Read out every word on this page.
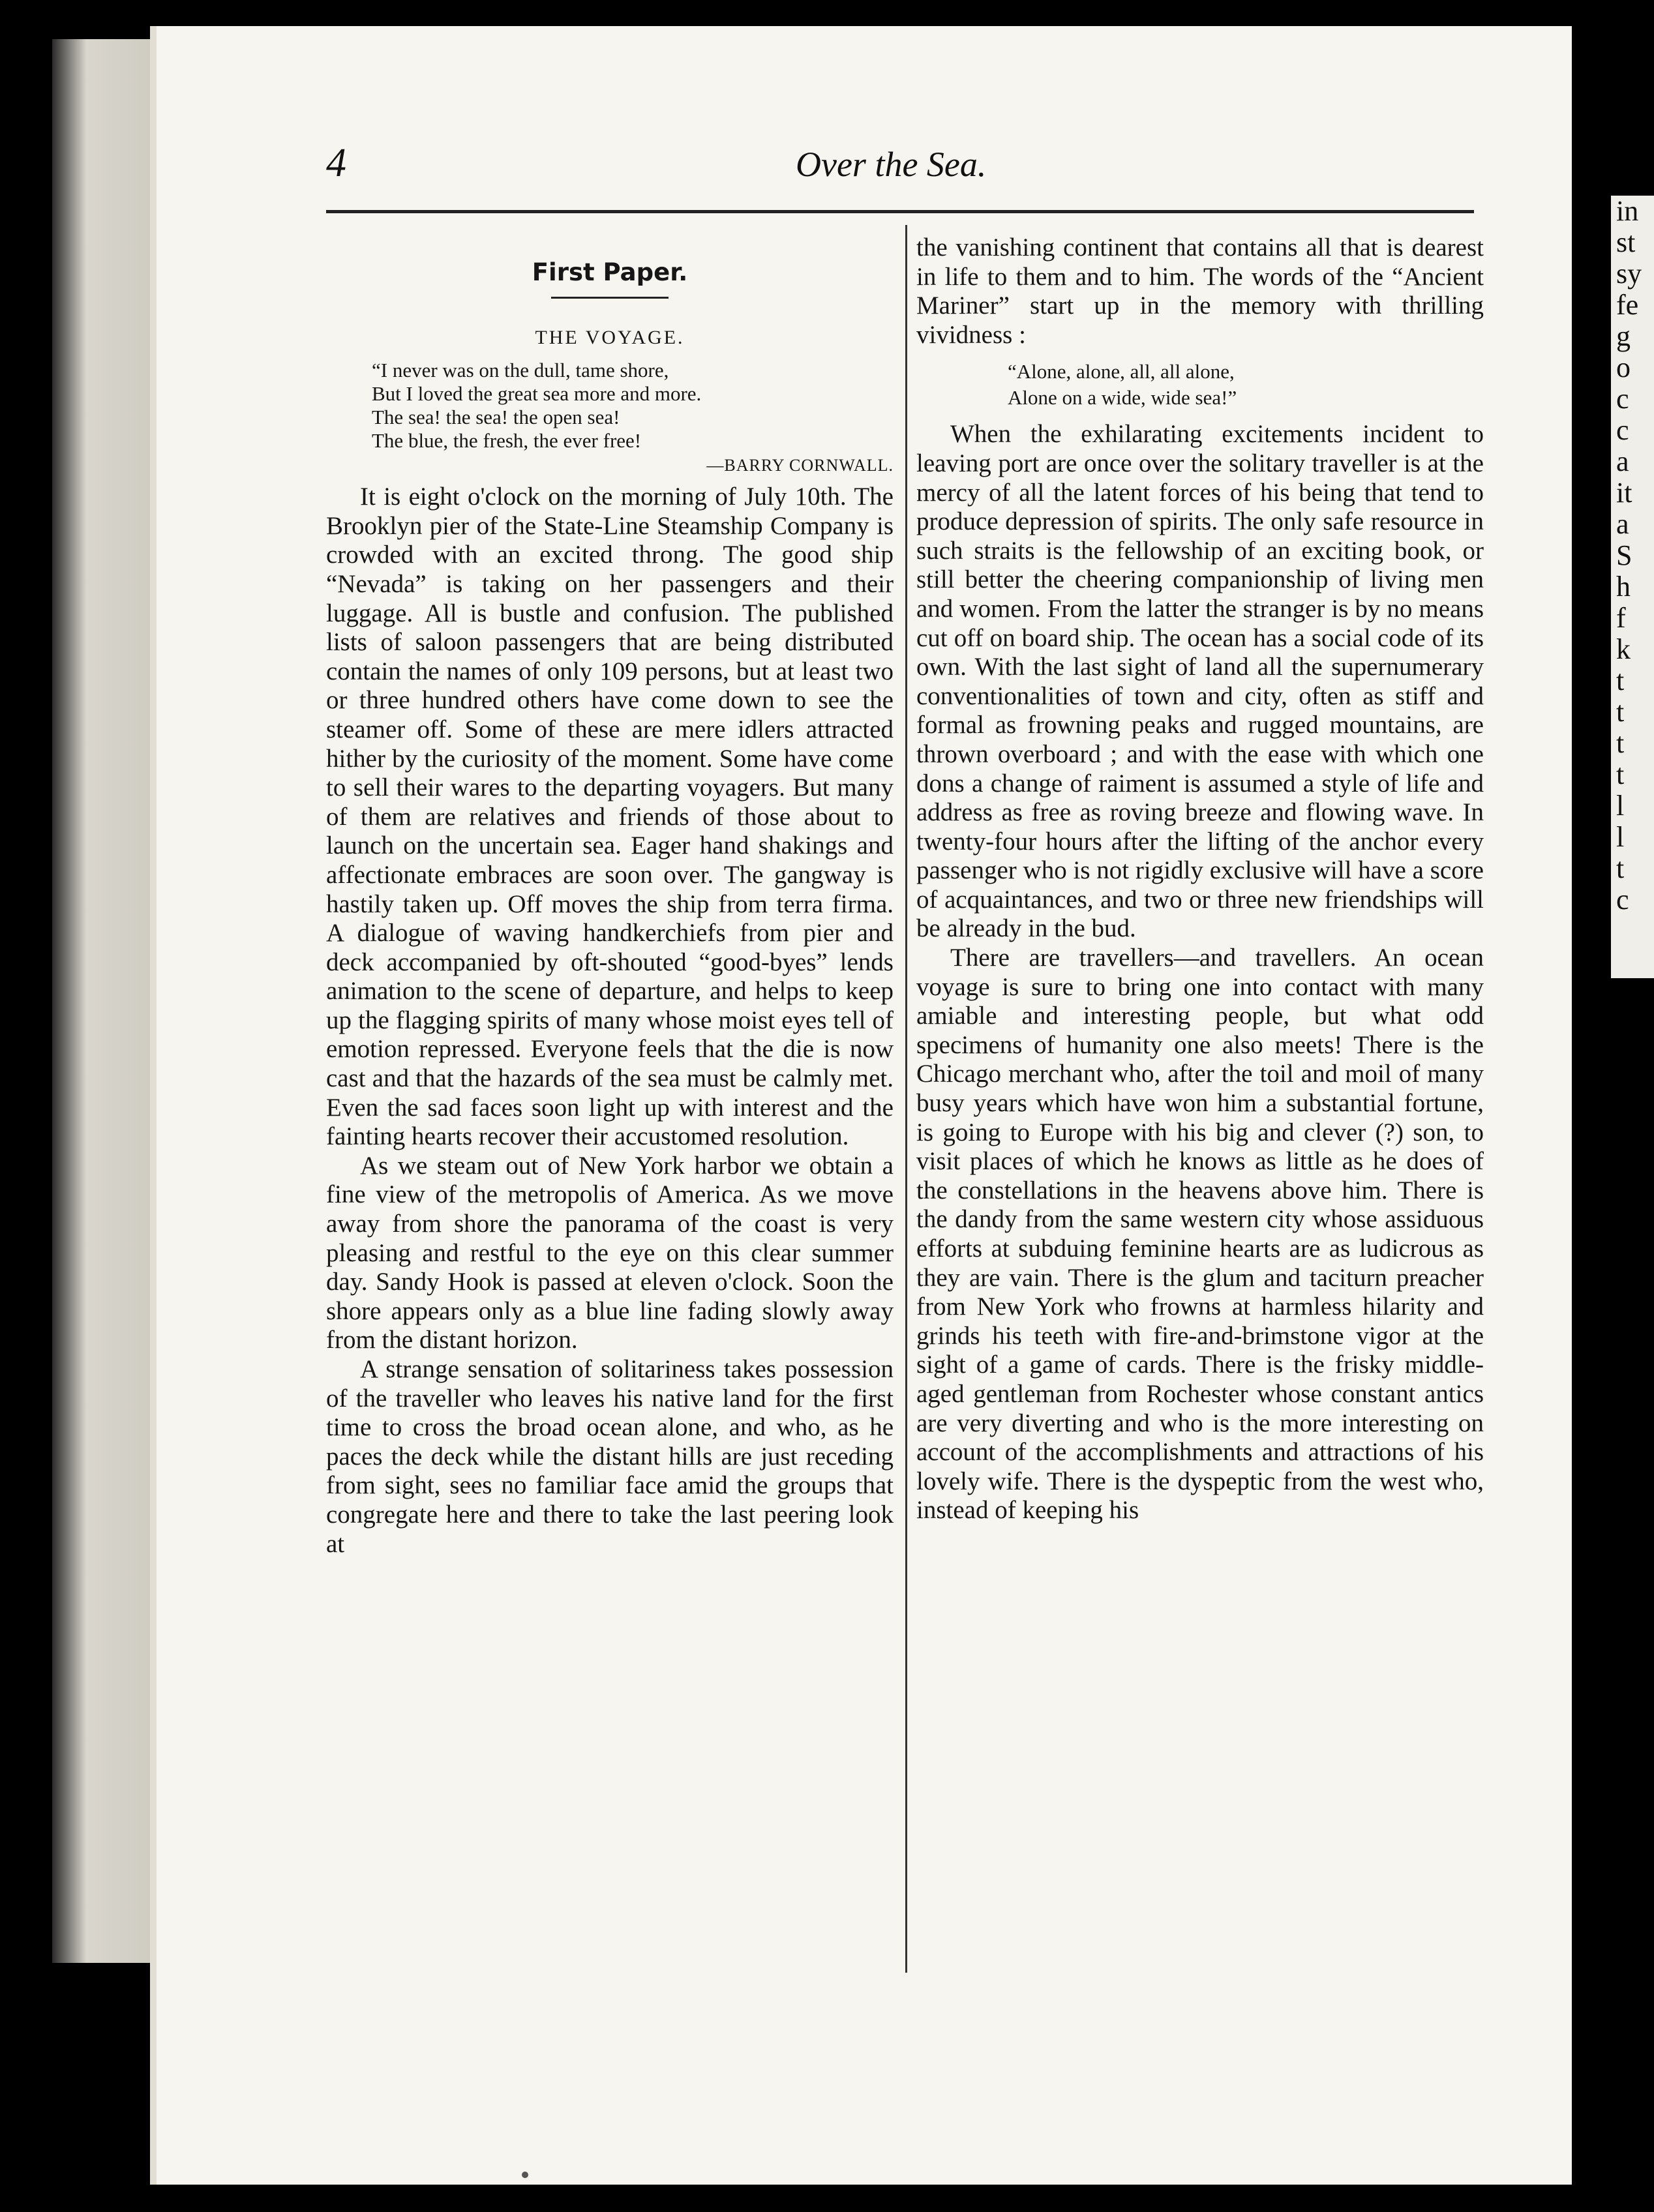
in
st
sy
fe
g
o
c
c
a
it
a
S
h
f
k
t
t
t
t
l
l
t
c
4	Over the Sea.
First Paper.
THE VOYAGE.
“I never was on the dull, tame shore,
But I loved the great sea more and more.
The sea! the sea! the open sea!
The blue, the fresh, the ever free!
—BARRY CORNWALL.

It is eight o'clock on the morning of July 10th. The Brooklyn pier of the State-Line Steamship Company is crowded with an excited throng. The good ship “Nevada” is taking on her passengers and their luggage. All is bustle and confusion. The published lists of saloon passengers that are being distributed contain the names of only 109 persons, but at least two or three hundred others have come down to see the steamer off. Some of these are mere idlers attracted hither by the curiosity of the moment. Some have come to sell their wares to the departing voyagers. But many of them are relatives and friends of those about to launch on the uncertain sea. Eager hand shakings and affectionate embraces are soon over. The gangway is hastily taken up. Off moves the ship from terra firma. A dialogue of waving handkerchiefs from pier and deck accompanied by oft-shouted “good-byes” lends animation to the scene of departure, and helps to keep up the flagging spirits of many whose moist eyes tell of emotion repressed. Everyone feels that the die is now cast and that the hazards of the sea must be calmly met. Even the sad faces soon light up with interest and the fainting hearts recover their accustomed resolution.

As we steam out of New York harbor we obtain a fine view of the metropolis of America. As we move away from shore the panorama of the coast is very pleasing and restful to the eye on this clear summer day. Sandy Hook is passed at eleven o'clock. Soon the shore appears only as a blue line fading slowly away from the distant horizon.

A strange sensation of solitariness takes possession of the traveller who leaves his native land for the first time to cross the broad ocean alone, and who, as he paces the deck while the distant hills are just receding from sight, sees no familiar face amid the groups that congregate here and there to take the last peering look at

the vanishing continent that contains all that is dearest in life to them and to him. The words of the “Ancient Mariner” start up in the memory with thrilling vividness :

“Alone, alone, all, all alone,
Alone on a wide, wide sea!”

When the exhilarating excitements incident to leaving port are once over the solitary traveller is at the mercy of all the latent forces of his being that tend to produce depression of spirits. The only safe resource in such straits is the fellowship of an exciting book, or still better the cheering companionship of living men and women. From the latter the stranger is by no means cut off on board ship. The ocean has a social code of its own. With the last sight of land all the supernumerary conventionalities of town and city, often as stiff and formal as frowning peaks and rugged mountains, are thrown overboard ; and with the ease with which one dons a change of raiment is assumed a style of life and address as free as roving breeze and flowing wave. In twenty-four hours after the lifting of the anchor every passenger who is not rigidly exclusive will have a score of acquaintances, and two or three new friendships will be already in the bud.

There are travellers—and travellers. An ocean voyage is sure to bring one into contact with many amiable and interesting people, but what odd specimens of humanity one also meets! There is the Chicago merchant who, after the toil and moil of many busy years which have won him a substantial fortune, is going to Europe with his big and clever (?) son, to visit places of which he knows as little as he does of the constellations in the heavens above him. There is the dandy from the same western city whose assiduous efforts at subduing feminine hearts are as ludicrous as they are vain. There is the glum and taciturn preacher from New York who frowns at harmless hilarity and grinds his teeth with fire-and-brimstone vigor at the sight of a game of cards. There is the frisky middle-aged gentleman from Rochester whose constant antics are very diverting and who is the more interesting on account of the accomplishments and attractions of his lovely wife. There is the dyspeptic from the west who, instead of keeping his
